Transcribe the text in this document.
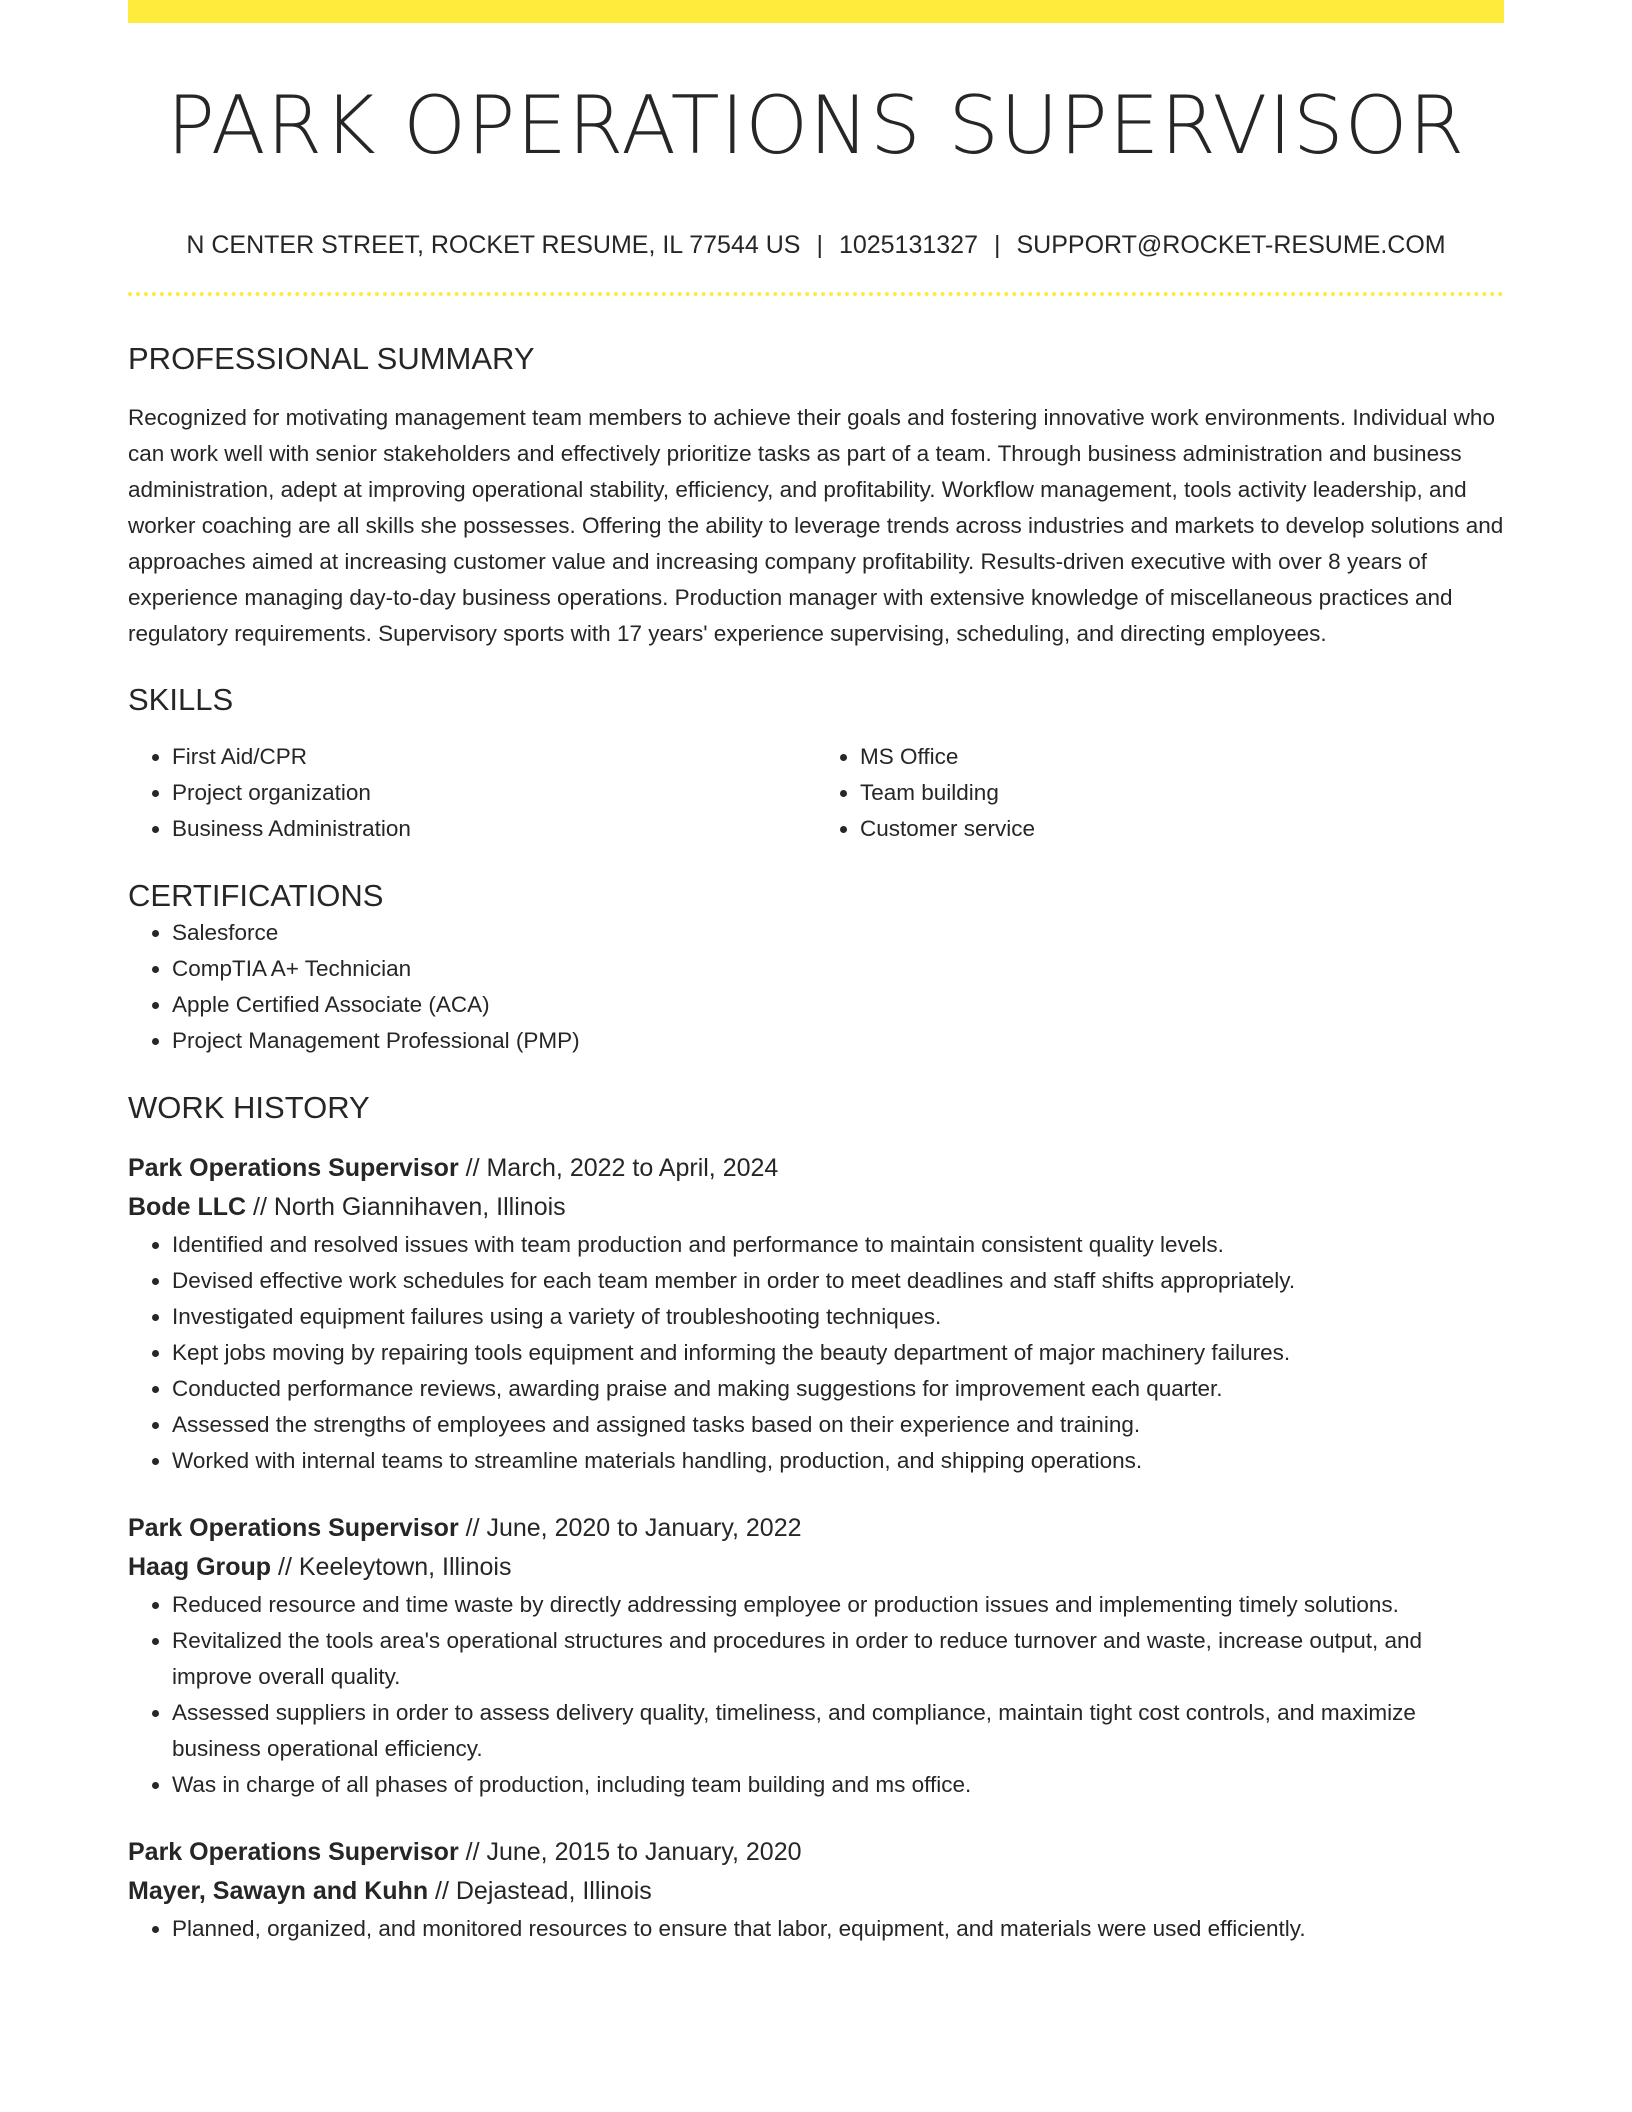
PARK OPERATIONS SUPERVISOR
N CENTER STREET, ROCKET RESUME, IL 77544 US | 1025131327 | SUPPORT@ROCKET-RESUME.COM
PROFESSIONAL SUMMARY
Recognized for motivating management team members to achieve their goals and fostering innovative work environments. Individual who can work well with senior stakeholders and effectively prioritize tasks as part of a team. Through business administration and business administration, adept at improving operational stability, efficiency, and profitability. Workflow management, tools activity leadership, and worker coaching are all skills she possesses. Offering the ability to leverage trends across industries and markets to develop solutions and approaches aimed at increasing customer value and increasing company profitability. Results-driven executive with over 8 years of experience managing day-to-day business operations. Production manager with extensive knowledge of miscellaneous practices and regulatory requirements. Supervisory sports with 17 years' experience supervising, scheduling, and directing employees.
SKILLS
• First Aid/CPR
• Project organization
• Business Administration
• MS Office
• Team building
• Customer service
CERTIFICATIONS
• Salesforce
• CompTIA A+ Technician
• Apple Certified Associate (ACA)
• Project Management Professional (PMP)
WORK HISTORY
Park Operations Supervisor // March, 2022 to April, 2024
Bode LLC // North Giannihaven, Illinois
• Identified and resolved issues with team production and performance to maintain consistent quality levels.
• Devised effective work schedules for each team member in order to meet deadlines and staff shifts appropriately.
• Investigated equipment failures using a variety of troubleshooting techniques.
• Kept jobs moving by repairing tools equipment and informing the beauty department of major machinery failures.
• Conducted performance reviews, awarding praise and making suggestions for improvement each quarter.
• Assessed the strengths of employees and assigned tasks based on their experience and training.
• Worked with internal teams to streamline materials handling, production, and shipping operations.
Park Operations Supervisor // June, 2020 to January, 2022
Haag Group // Keeleytown, Illinois
• Reduced resource and time waste by directly addressing employee or production issues and implementing timely solutions.
• Revitalized the tools area's operational structures and procedures in order to reduce turnover and waste, increase output, and improve overall quality.
• Assessed suppliers in order to assess delivery quality, timeliness, and compliance, maintain tight cost controls, and maximize business operational efficiency.
• Was in charge of all phases of production, including team building and ms office.
Park Operations Supervisor // June, 2015 to January, 2020
Mayer, Sawayn and Kuhn // Dejastead, Illinois
• Planned, organized, and monitored resources to ensure that labor, equipment, and materials were used efficiently.
